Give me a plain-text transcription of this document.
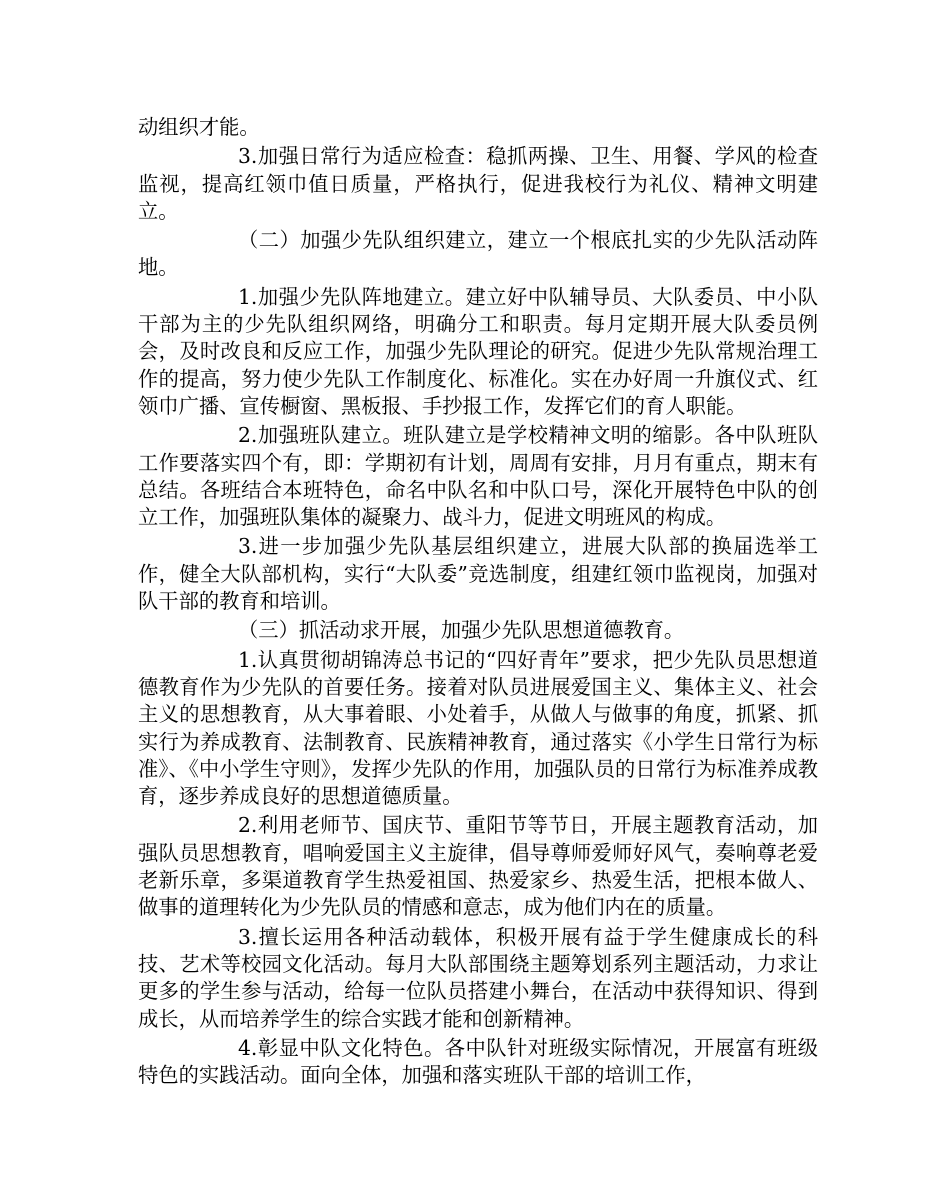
动组织才能。

3.加强日常行为适应检查：稳抓两操、卫生、用餐、学风的检查监视，提高红领巾值日质量，严格执行，促进我校行为礼仪、精神文明建立。

（二）加强少先队组织建立，建立一个根底扎实的少先队活动阵地。

1.加强少先队阵地建立。建立好中队辅导员、大队委员、中小队干部为主的少先队组织网络，明确分工和职责。每月定期开展大队委员例会，及时改良和反应工作，加强少先队理论的研究。促进少先队常规治理工作的提高，努力使少先队工作制度化、标准化。实在办好周一升旗仪式、红领巾广播、宣传橱窗、黑板报、手抄报工作，发挥它们的育人职能。

2.加强班队建立。班队建立是学校精神文明的缩影。各中队班队工作要落实四个有，即：学期初有计划，周周有安排，月月有重点，期末有总结。各班结合本班特色，命名中队名和中队口号，深化开展特色中队的创立工作，加强班队集体的凝聚力、战斗力，促进文明班风的构成。

3.进一步加强少先队基层组织建立，进展大队部的换届选举工作，健全大队部机构，实行“大队委”竞选制度，组建红领巾监视岗，加强对队干部的教育和培训。

（三）抓活动求开展，加强少先队思想道德教育。

1.认真贯彻胡锦涛总书记的“四好青年”要求，把少先队员思想道德教育作为少先队的首要任务。接着对队员进展爱国主义、集体主义、社会主义的思想教育，从大事着眼、小处着手，从做人与做事的角度，抓紧、抓实行为养成教育、法制教育、民族精神教育，通过落实《小学生日常行为标准》、《中小学生守则》，发挥少先队的作用，加强队员的日常行为标准养成教育，逐步养成良好的思想道德质量。

2.利用老师节、国庆节、重阳节等节日，开展主题教育活动，加强队员思想教育，唱响爱国主义主旋律，倡导尊师爱师好风气，奏响尊老爱老新乐章，多渠道教育学生热爱祖国、热爱家乡、热爱生活，把根本做人、做事的道理转化为少先队员的情感和意志，成为他们内在的质量。

3.擅长运用各种活动载体，积极开展有益于学生健康成长的科技、艺术等校园文化活动。每月大队部围绕主题筹划系列主题活动，力求让更多的学生参与活动，给每一位队员搭建小舞台，在活动中获得知识、得到成长，从而培养学生的综合实践才能和创新精神。

4.彰显中队文化特色。各中队针对班级实际情况，开展富有班级特色的实践活动。面向全体，加强和落实班队干部的培训工作，
